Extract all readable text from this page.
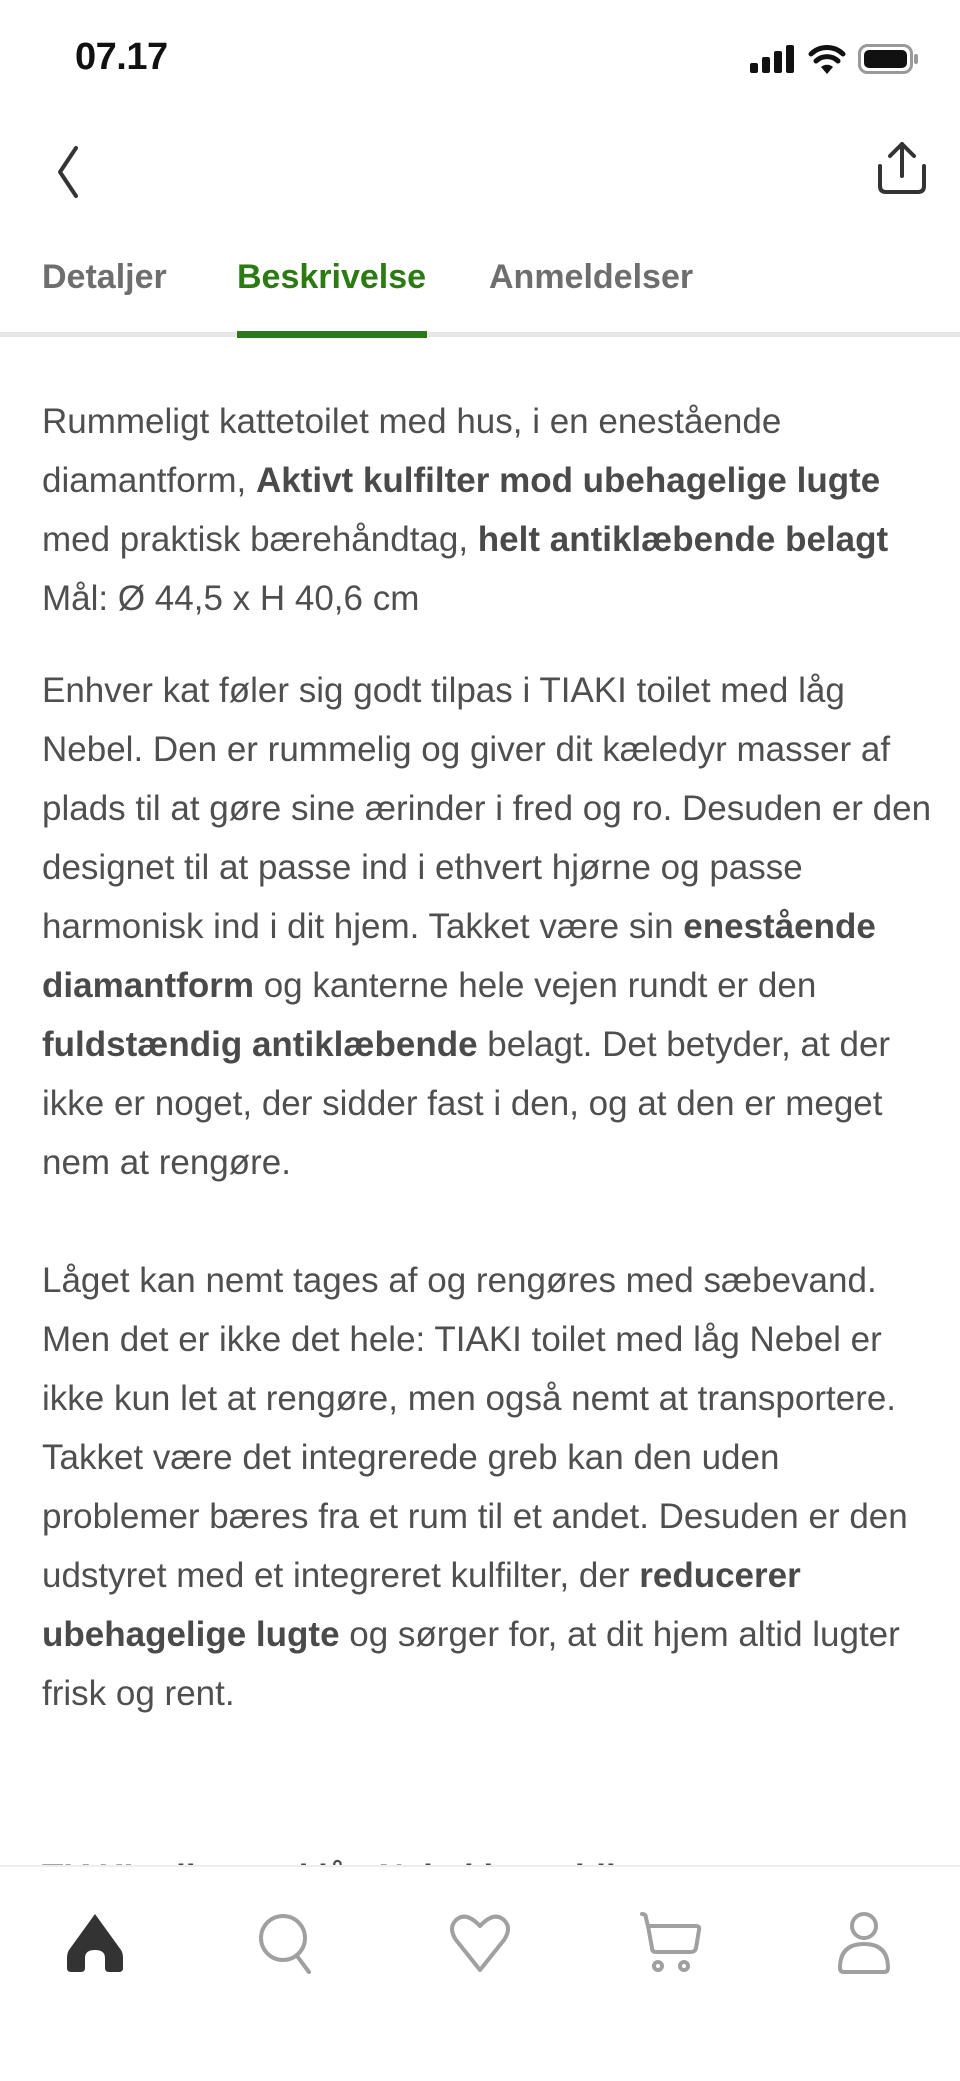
07.17
Detaljer Beskrivelse Anmeldelser

Rummeligt kattetoilet med hus, i en enestående diamantform, Aktivt kulfilter mod ubehagelige lugte med praktisk bærehåndtag, helt antiklæbende belagt Mål: Ø 44,5 x H 40,6 cm

Enhver kat føler sig godt tilpas i TIAKI toilet med låg Nebel. Den er rummelig og giver dit kæledyr masser af plads til at gøre sine ærinder i fred og ro. Desuden er den designet til at passe ind i ethvert hjørne og passe harmonisk ind i dit hjem. Takket være sin enestående diamantform og kanterne hele vejen rundt er den fuldstændig antiklæbende belagt. Det betyder, at der ikke er noget, der sidder fast i den, og at den er meget nem at rengøre.

Låget kan nemt tages af og rengøres med sæbevand. Men det er ikke det hele: TIAKI toilet med låg Nebel er ikke kun let at rengøre, men også nemt at transportere. Takket være det integrerede greb kan den uden problemer bæres fra et rum til et andet. Desuden er den udstyret med et integreret kulfilter, der reducerer ubehagelige lugte og sørger for, at dit hjem altid lugter frisk og rent.
